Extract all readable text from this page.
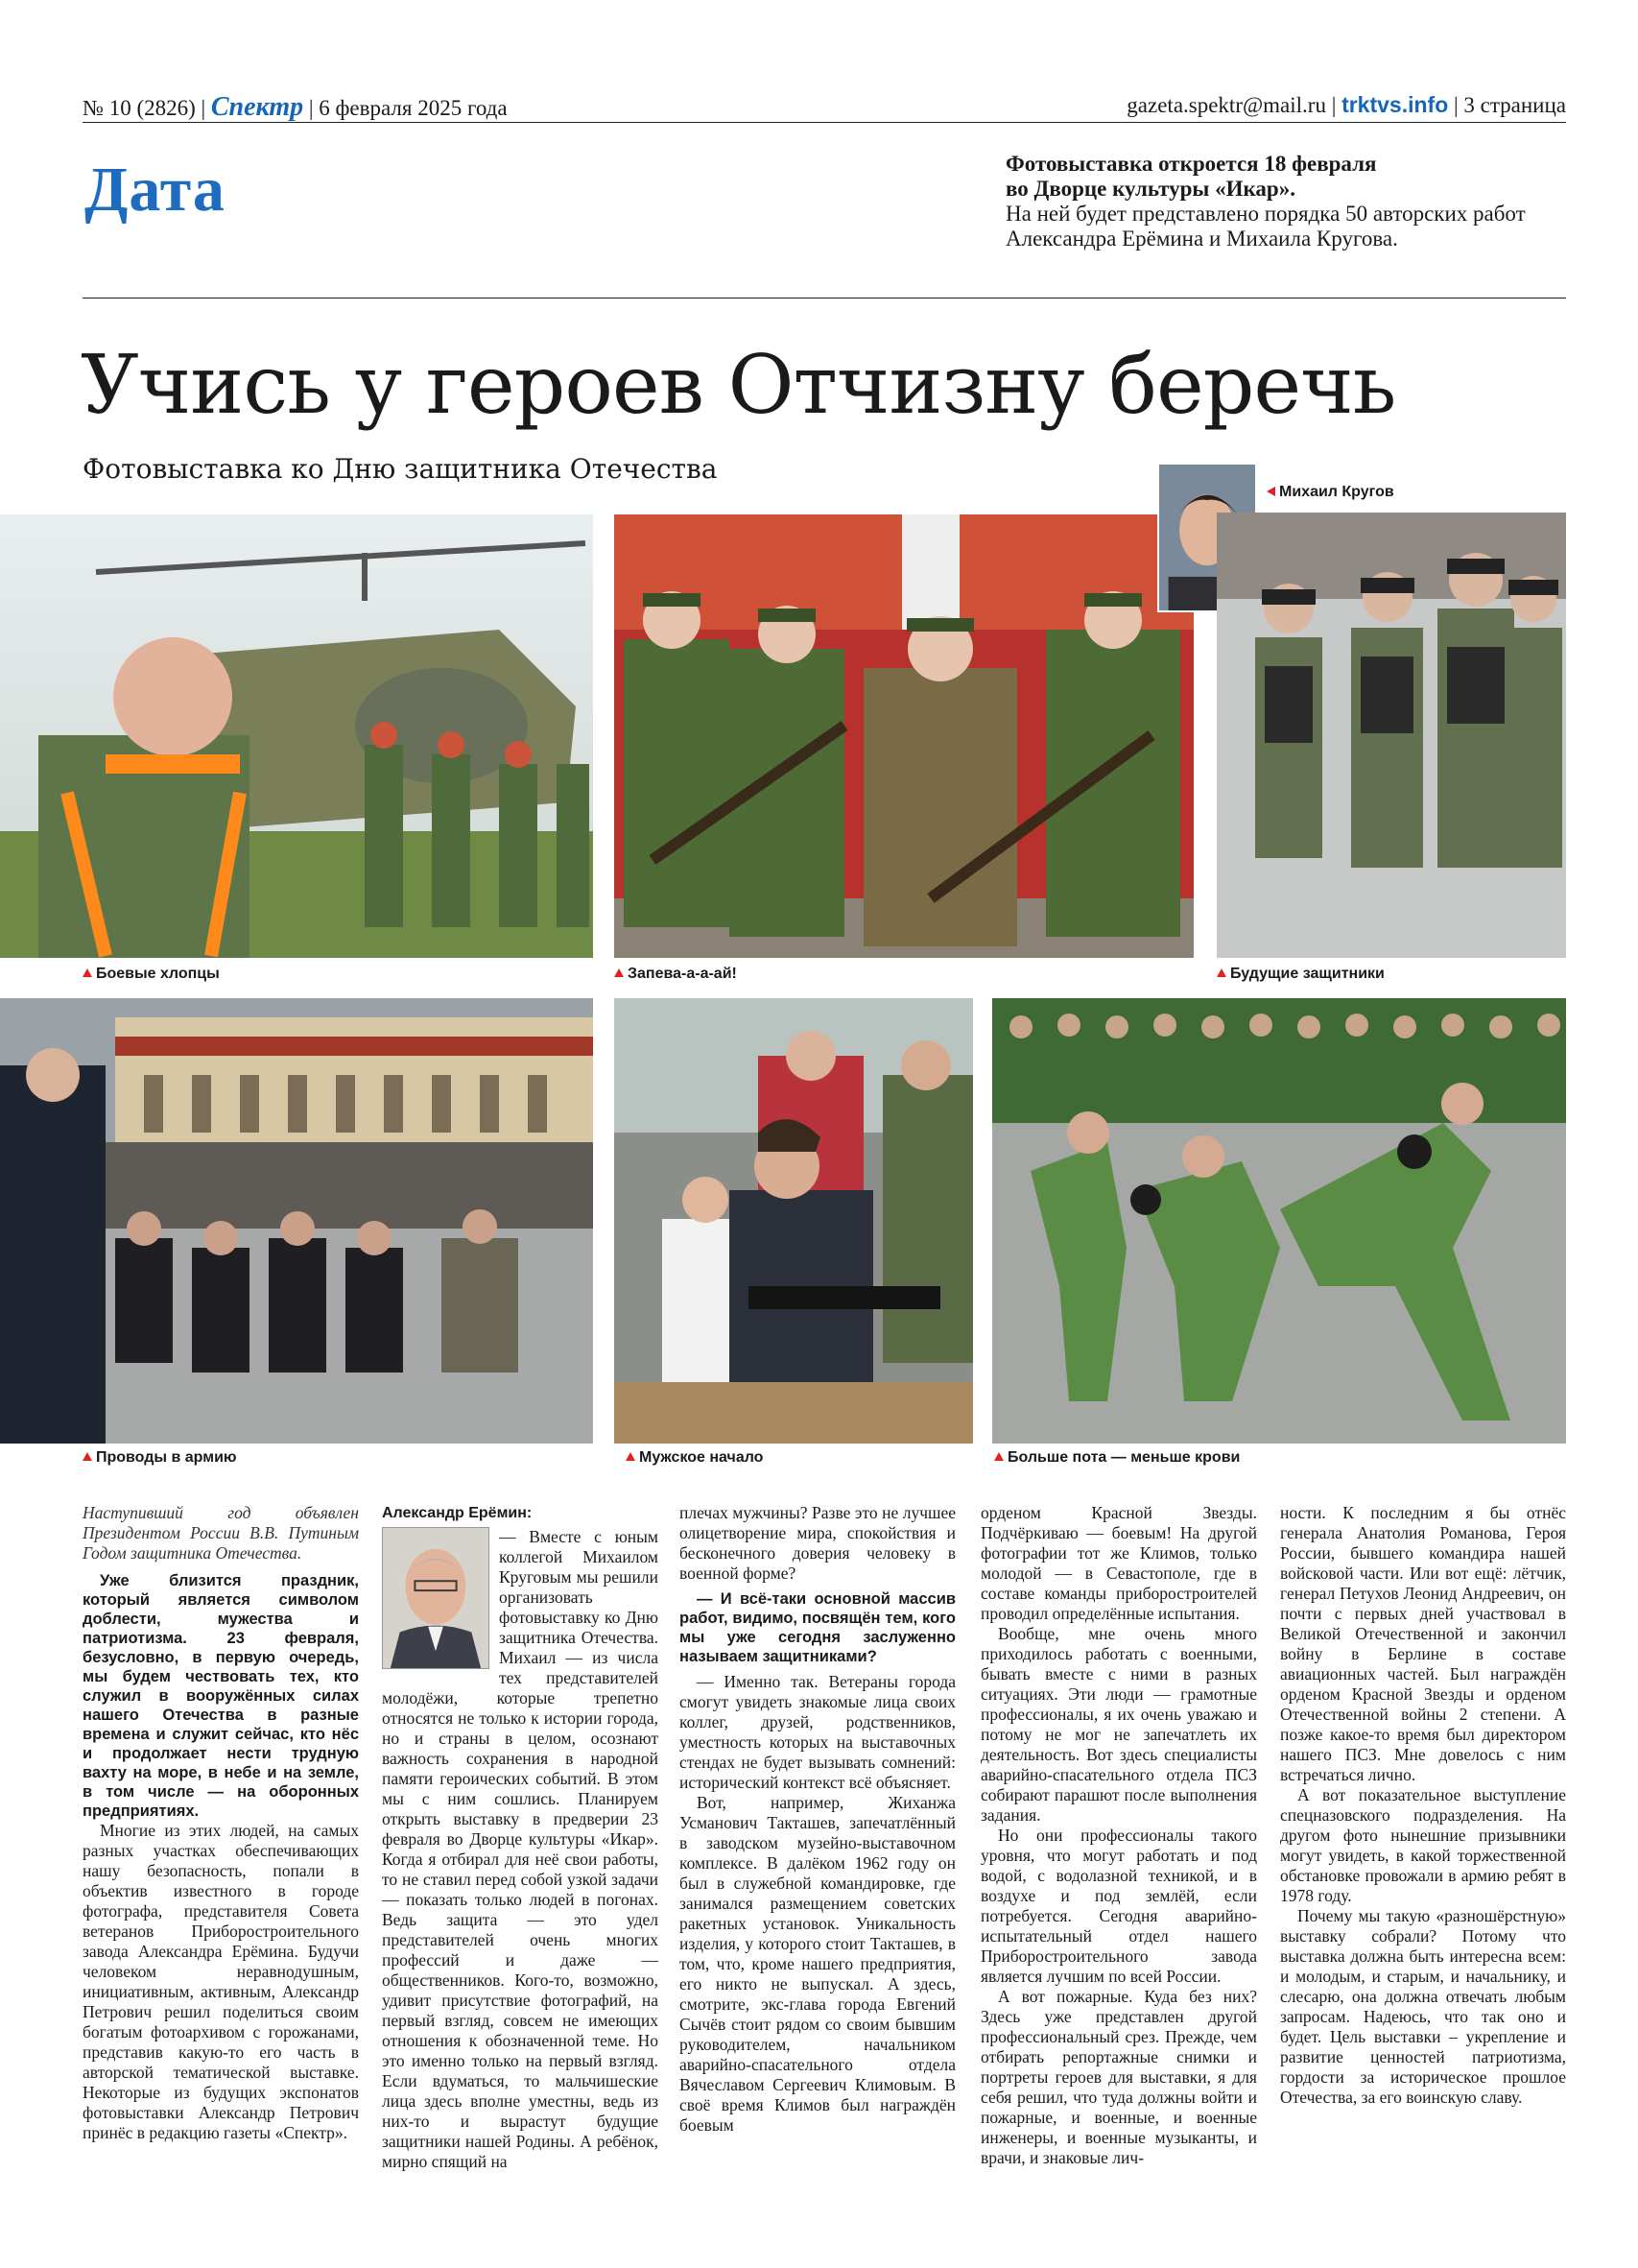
№ 10 (2826) | Спектр | 6 февраля 2025 года	gazeta.spektr@mail.ru | trktvs.info | 3 страница
Дата	Фотовыставка откроется 18 февраля
во Дворце культуры «Икар».
На ней будет представлено порядка 50 авторских работ
Александра Ерёмина и Михаила Кругова.
Учись у героев Отчизну беречь
Фотовыставка ко Дню защитника Отечества
Боевые хлопцы	Запева-а-а-ай!
Михаил Кругов
Будущие защитники
Проводы в армию	Мужское начало	Больше пота — меньше крови

Наступивший год объявлен Президентом России В.В. Путиным Годом защитника Отечества.

Уже близится праздник, который является символом доблести, мужества и патриотизма. 23 февраля, безусловно, в первую очередь, мы будем чествовать тех, кто служил в вооружённых силах нашего Отечества в разные времена и служит сейчас, кто нёс и продолжает нести трудную вахту на море, в небе и на земле, в том числе — на оборонных предприятиях.

Многие из этих людей, на самых разных участках обеспечивающих нашу безопасность, попали в объектив известного в городе фотографа, представителя Совета ветеранов Приборостроительного завода Александра Ерёмина. Будучи человеком неравнодушным, инициативным, активным, Александр Петрович решил поделиться своим богатым фотоархивом с горожанами, представив какую-то его часть в авторской тематической выставке. Некоторые из будущих экспонатов фотовыставки Александр Петрович принёс в редакцию газеты «Спектр».

Александр Ерёмин:

— Вместе с юным коллегой Михаилом Круговым мы решили организовать фотовыставку ко Дню защитника Отечества. Михаил — из числа тех представителей молодёжи, которые трепетно относятся не только к истории города, но и страны в целом, осознают важность сохранения в народной памяти героических событий. В этом мы с ним сошлись. Планируем открыть выставку в предверии 23 февраля во Дворце культуры «Икар». Когда я отбирал для неё свои работы, то не ставил перед собой узкой задачи — показать только людей в погонах. Ведь защита — это удел представителей очень многих профессий и даже — общественников. Кого-то, возможно, удивит присутствие фотографий, на первый взгляд, совсем не имеющих отношения к обозначенной теме. Но это именно только на первый взгляд. Если вдуматься, то мальчишеские лица здесь вполне уместны, ведь из них-то и вырастут будущие защитники нашей Родины. А ребёнок, мирно спящий на

плечах мужчины? Разве это не лучшее олицетворение мира, спокойствия и бесконечного доверия человеку в военной форме?

— И всё-таки основной массив работ, видимо, посвящён тем, кого мы уже сегодня заслуженно называем защитниками?

— Именно так. Ветераны города смогут увидеть знакомые лица своих коллег, друзей, родственников, уместность которых на выставочных стендах не будет вызывать сомнений: исторический контекст всё объясняет.

Вот, например, Жиханжа Усманович Такташев, запечатлённый в заводском музейно-выставочном комплексе. В далёком 1962 году он был в служебной командировке, где занимался размещением советских ракетных установок. Уникальность изделия, у которого стоит Такташев, в том, что, кроме нашего предприятия, его никто не выпускал. А здесь, смотрите, экс-глава города Евгений Сычёв стоит рядом со своим бывшим руководителем, начальником аварийно-спасательного отдела Вячеславом Сергеевич Климовым. В своё время Климов был награждён боевым

орденом Красной Звезды. Подчёркиваю — боевым! На другой фотографии тот же Климов, только молодой — в Севастополе, где в составе команды приборостроителей проводил определённые испытания.

Вообще, мне очень много приходилось работать с военными, бывать вместе с ними в разных ситуациях. Эти люди — грамотные профессионалы, я их очень уважаю и потому не мог не запечатлеть их деятельность. Вот здесь специалисты аварийно-спасательного отдела ПСЗ собирают парашют после выполнения задания.

Но они профессионалы такого уровня, что могут работать и под водой, с водолазной техникой, и в воздухе и под землёй, если потребуется. Сегодня аварийно-испытательный отдел нашего Приборостроительного завода является лучшим по всей России.

А вот пожарные. Куда без них? Здесь уже представлен другой профессиональный срез. Прежде, чем отбирать репортажные снимки и портреты героев для выставки, я для себя решил, что туда должны войти и пожарные, и военные, и военные инженеры, и военные музыканты, и врачи, и знаковые лич-

ности. К последним я бы отнёс генерала Анатолия Романова, Героя России, бывшего командира нашей войсковой части. Или вот ещё: лётчик, генерал Петухов Леонид Андреевич, он почти с первых дней участвовал в Великой Отечественной и закончил войну в Берлине в составе авиационных частей. Был награждён орденом Красной Звезды и орденом Отечественной войны 2 степени. А позже какое-то время был директором нашего ПСЗ. Мне довелось с ним встречаться лично.

А вот показательное выступление спецназовского подразделения. На другом фото нынешние призывники могут увидеть, в какой торжественной обстановке провожали в армию ребят в 1978 году.

Почему мы такую «разношёрстную» выставку собрали? Потому что выставка должна быть интересна всем: и молодым, и старым, и начальнику, и слесарю, она должна отвечать любым запросам. Надеюсь, что так оно и будет. Цель выставки – укрепление и развитие ценностей патриотизма, гордости за историческое прошлое Отечества, за его воинскую славу.
